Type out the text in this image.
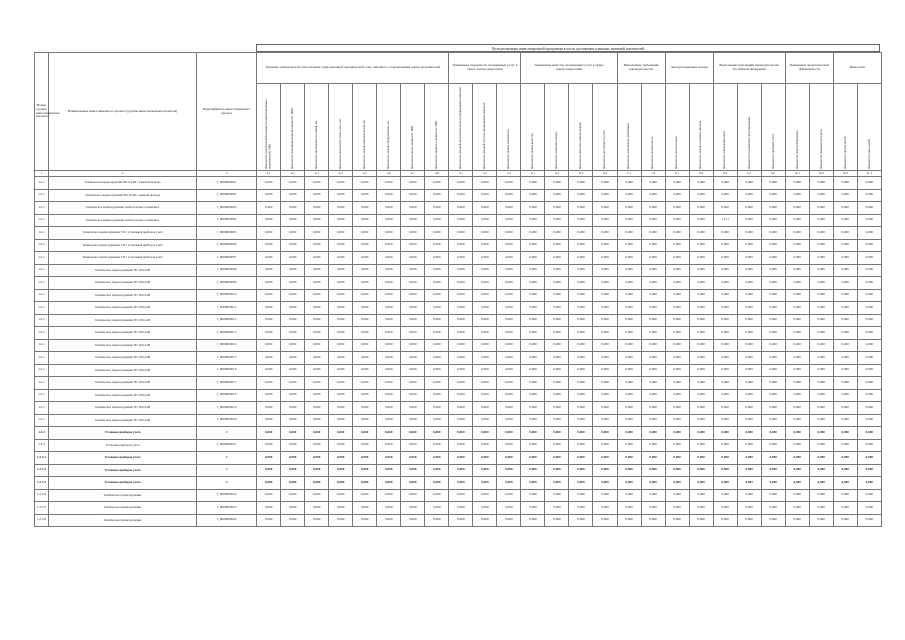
Цели реализации инвестиционной программы в части достижения плановых значений показателей
Номер группы инвестиционных проектов	Наименование инвестиционного проекта (группы инвестиционных проектов)	Идентификатор инвестиционного проекта	Развитие электрической сети/усиление существующей электрической сети, связанное с подключением новых потребителей								Повышение надежности оказываемых услуг в сфере электроэнергетики			Повышение качества оказываемых услуг в сфере электроэнергетики				Выполнение требований законодательства		Эксплуатационные нужды		Выполнение требований законодательства Российской Федерации			Повышение энергетической эффективности		Иные цели	

			Показатель максимальной мощности присоединяемых потребителей, МВт	Показатель трансформаторной мощности, МВА	Показатель протяженности линий, км	Показатель количества точек учета, шт.	Показатель замены выключателей, шт.	Показатель замены оборудования, шт.	Показатель ввода мощности, МВт	Показатель прироста мощности, МВт	Показатель средней продолжительности прекращения передачи	Показатель средней частоты прекращения передачи	Показатель уровня надежности	Показатель уровня качества	Показатель снижения потерь	Показатель качества электроэнергии	Показатель доступности услуг	Показатель исполнения требований	Показатель безопасности	Показатель эксплуатации	Показатель замены основных фондов	Показатель соблюдения норм	Показатель технического регулирования	Показатель приборов учета	Показатель энергосбережения	Показатель экономии ресурсов	Показатель прочих целей	Показатель иных целей

1	2	3	4.1	4.2	4.3	4.4	4.5	4.6	4.7	4.8	5.1	5.2	5.3	6.1	6.2	6.3	6.4	7.1	7.2	8.1	8.2	8.3	9.1	9.2	10.1	10.2	10.3	11.1
1.2.1	Техническое перевооружение ВЛ-0,4 кВ с заменой провода	J_0000000001	0,000	0,000	0,000	0,000	0,000	0,000	0,000	0,000	0,000	0,000	0,000	0,000	0,000	0,000	0,000	0,000	0,000	0,000	0,000	0,000	0,000	0,000	0,000	0,000	0,000	0,000
1.2.1	Техническое перевооружение ВЛ-10 кВ с заменой провода	J_0000000002	0,000	0,000	0,000	0,000	0,000	0,000	0,000	0,000	0,000	0,000	0,000	0,000	0,000	0,000	0,000	0,000	0,000	0,000	0,000	0,000	0,000	0,000	0,000	0,000	0,000	0,000
1.2.1	Техническое перевооружение электросетевого комплекса	J_0000000003	0,400	0,000	0,000	0,000	0,000	0,000	0,000	0,000	0,000	0,000	0,000	0,000	0,000	0,000	0,000	0,000	0,000	0,000	0,000	0,000	0,000	0,000	0,000	0,000	0,000	0,000
1.2.1	Техническое перевооружение электросетевого комплекса	J_0000000004	0,000	0,000	0,000	0,000	0,000	0,000	0,000	0,000	0,000	0,000	0,000	0,000	0,000	0,000	0,000	0,000	0,000	0,000	0,000	1,151	0,000	0,000	0,000	0,000	0,000	0,000
1.2.1	Техническое перевооружение ТП с установкой приборов учета	J_0000000005	0,000	0,000	0,000	0,000	0,000	0,000	0,000	0,000	0,000	0,000	0,000	0,000	0,000	0,000	0,000	0,000	0,000	0,000	0,000	0,000	0,000	0,000	0,000	0,000	0,000	0,000
1.2.1	Техническое перевооружение ТП с установкой приборов учета	J_0000000006	0,000	0,000	0,000	0,000	0,000	0,000	0,000	0,000	0,000	0,000	0,000	0,000	0,000	0,000	0,000	0,000	0,000	0,000	0,000	0,000	0,000	0,000	0,000	0,000	0,000	0,000
1.2.1	Техническое перевооружение ТП с установкой приборов учета	J_0000000007	0,000	0,000	0,000	0,000	0,000	0,000	0,000	0,000	0,000	0,000	0,000	0,000	0,000	0,000	0,000	0,000	0,000	0,000	0,000	0,000	0,000	0,000	0,000	0,000	0,000	0,000
1.2.1	Техническое перевооружение ТП 10/0,4 кВ	J_0000000008	0,000	0,000	0,000	0,000	0,000	0,000	0,000	0,000	0,000	0,000	0,000	0,000	0,000	0,000	0,000	0,000	0,000	0,000	0,000	0,000	0,000	0,000	0,000	0,000	0,000	0,000
1.2.1	Техническое перевооружение ТП 10/0,4 кВ	J_0000000009	0,000	0,000	0,000	0,000	0,000	0,000	0,000	0,000	0,000	0,000	0,000	0,000	0,000	0,000	0,000	0,000	0,000	0,000	0,000	0,000	0,000	0,000	0,000	0,000	0,000	0,000
1.2.1	Техническое перевооружение ТП 10/0,4 кВ	J_0000000010	0,000	0,000	0,000	0,000	0,000	0,000	0,000	0,000	0,000	0,000	0,000	0,000	0,000	0,000	0,000	0,000	0,000	0,000	0,000	0,000	0,000	0,000	0,000	0,000	0,000	0,000
1.2.1	Техническое перевооружение ТП 10/0,4 кВ	J_0000000011	0,000	0,000	0,000	0,000	0,000	0,000	0,000	0,000	0,000	0,000	0,000	0,000	0,000	0,000	0,000	0,000	0,000	0,000	0,000	0,000	0,000	0,000	0,000	0,000	0,000	0,000
1.2.1	Техническое перевооружение ТП 10/0,4 кВ	J_0000000012	0,000	0,000	0,000	0,000	0,000	0,000	0,000	0,000	0,000	0,000	0,000	0,000	0,000	0,000	0,000	0,000	0,000	0,000	0,000	0,000	0,000	0,000	0,000	0,000	0,000	0,000
1.2.1	Техническое перевооружение ТП 10/0,4 кВ	J_0000000013	0,000	0,000	0,000	0,000	0,000	0,000	0,000	0,000	0,000	0,000	0,000	0,000	0,000	0,000	0,000	0,000	0,000	0,000	0,000	0,000	0,000	0,000	0,000	0,000	0,000	0,000
1.2.1	Техническое перевооружение ТП 10/0,4 кВ	J_0000000014	0,000	0,000	0,000	0,000	0,000	0,000	0,000	0,000	0,000	0,000	0,000	0,000	0,000	0,000	0,000	0,000	0,000	0,000	0,000	0,000	0,000	0,000	0,000	0,000	0,000	0,000
1.2.1	Техническое перевооружение ТП 10/0,4 кВ	J_0000000015	0,000	0,000	0,000	0,000	0,000	0,000	0,000	0,000	0,000	0,000	0,000	0,000	0,000	0,000	0,000	0,000	0,000	0,000	0,000	0,000	0,000	0,000	0,000	0,000	0,000	0,000
1.2.1	Техническое перевооружение ТП 10/0,4 кВ	J_0000000016	0,000	0,000	0,000	0,000	0,000	0,000	0,000	0,000	0,000	0,000	0,000	0,000	0,000	0,000	0,000	0,000	0,000	0,000	0,000	0,000	0,000	0,000	0,000	0,000	0,000	0,000
1.2.1	Техническое перевооружение ТП 10/0,4 кВ	J_0000000017	0,000	0,000	0,000	0,000	0,000	0,000	0,000	0,000	0,000	0,000	0,000	0,000	0,000	0,000	0,000	0,000	0,000	0,000	0,000	0,000	0,000	0,000	0,000	0,000	0,000	0,000
1.2.1	Техническое перевооружение ТП 10/0,4 кВ	J_0000000018	0,000	0,000	0,000	0,000	0,000	0,000	0,000	0,000	0,000	0,000	0,000	0,000	0,000	0,000	0,000	0,000	0,000	0,000	0,000	0,000	0,000	0,000	0,000	0,000	0,000	0,000
1.2.1	Техническое перевооружение ТП 10/0,4 кВ	J_0000000019	0,000	0,000	0,000	0,000	0,000	0,000	0,000	0,000	0,000	0,000	0,000	0,000	0,000	0,000	0,000	0,000	0,000	0,000	0,000	0,000	0,000	0,000	0,000	0,000	0,000	0,000
1.2.1	Техническое перевооружение ТП 10/0,4 кВ	J_0000000020	0,000	0,000	0,000	0,000	0,000	0,000	0,000	0,000	0,000	0,000	0,000	0,000	0,000	0,000	0,000	0,000	0,000	0,000	0,000	0,000	0,000	0,000	0,000	0,000	0,000	0,000
1.2.2	Установка приборов учета	J	0,000	0,000	0,000	0,000	0,000	0,000	0,000	0,000	0,000	0,000	0,000	0,000	0,000	0,000	0,000	0,000	0,000	0,000	0,000	0,000	0,000	0,000	0,000	0,000	0,000	0,000
1.2.3	Установка приборов учета	J_0000000021	0,000	0,000	0,000	0,000	0,000	0,000	0,000	0,000	0,000	0,000	0,000	0,000	0,000	0,000	0,000	0,000	0,000	0,000	0,000	0,000	0,000	0,000	0,000	0,000	0,000	0,000
1.2.3.1	Установка приборов учета	J	0,000	0,000	0,000	0,000	0,000	0,000	0,000	0,000	0,000	0,000	0,000	0,000	0,000	0,000	0,000	0,000	0,000	0,000	0,000	0,000	0,000	0,000	0,000	0,000	0,000	0,000
1.2.3.2	Установка приборов учета	J	0,000	0,000	0,000	0,000	0,000	0,000	0,000	0,000	0,000	0,000	0,000	0,000	0,000	0,000	0,000	0,000	0,000	0,000	0,000	0,000	0,000	0,000	0,000	0,000	0,000	0,000
1.2.3.3	Установка приборов учета	J	0,000	0,000	0,000	0,000	0,000	0,000	0,000	0,000	0,000	0,000	0,000	0,000	0,000	0,000	0,000	0,000	0,000	0,000	0,000	0,000	0,000	0,000	0,000	0,000	0,000	0,000
1.2.3.4	Техническое перевооружение	J_0000000022	0,000	0,000	0,000	0,000	0,000	0,000	0,000	0,000	0,000	0,000	0,000	0,000	0,000	0,000	0,000	0,000	0,000	0,000	0,000	0,000	0,000	0,000	0,000	0,000	0,000	0,000
1.2.3.5	Техническое перевооружение	J_0000000023	0,000	0,000	0,000	0,000	0,000	0,000	0,000	0,000	0,000	0,000	0,000	0,000	0,000	0,000	0,000	0,000	0,000	0,000	0,000	0,000	0,000	0,000	0,000	0,000	0,000	0,000
1.2.3.6	Техническое перевооружение	J_0000000024	0,000	0,000	0,000	0,000	0,000	0,000	0,000	0,000	0,000	0,000	0,000	0,000	0,000	0,000	0,000	0,000	0,000	0,000	0,000	0,000	0,000	0,000	0,000	0,000	0,000	0,000
